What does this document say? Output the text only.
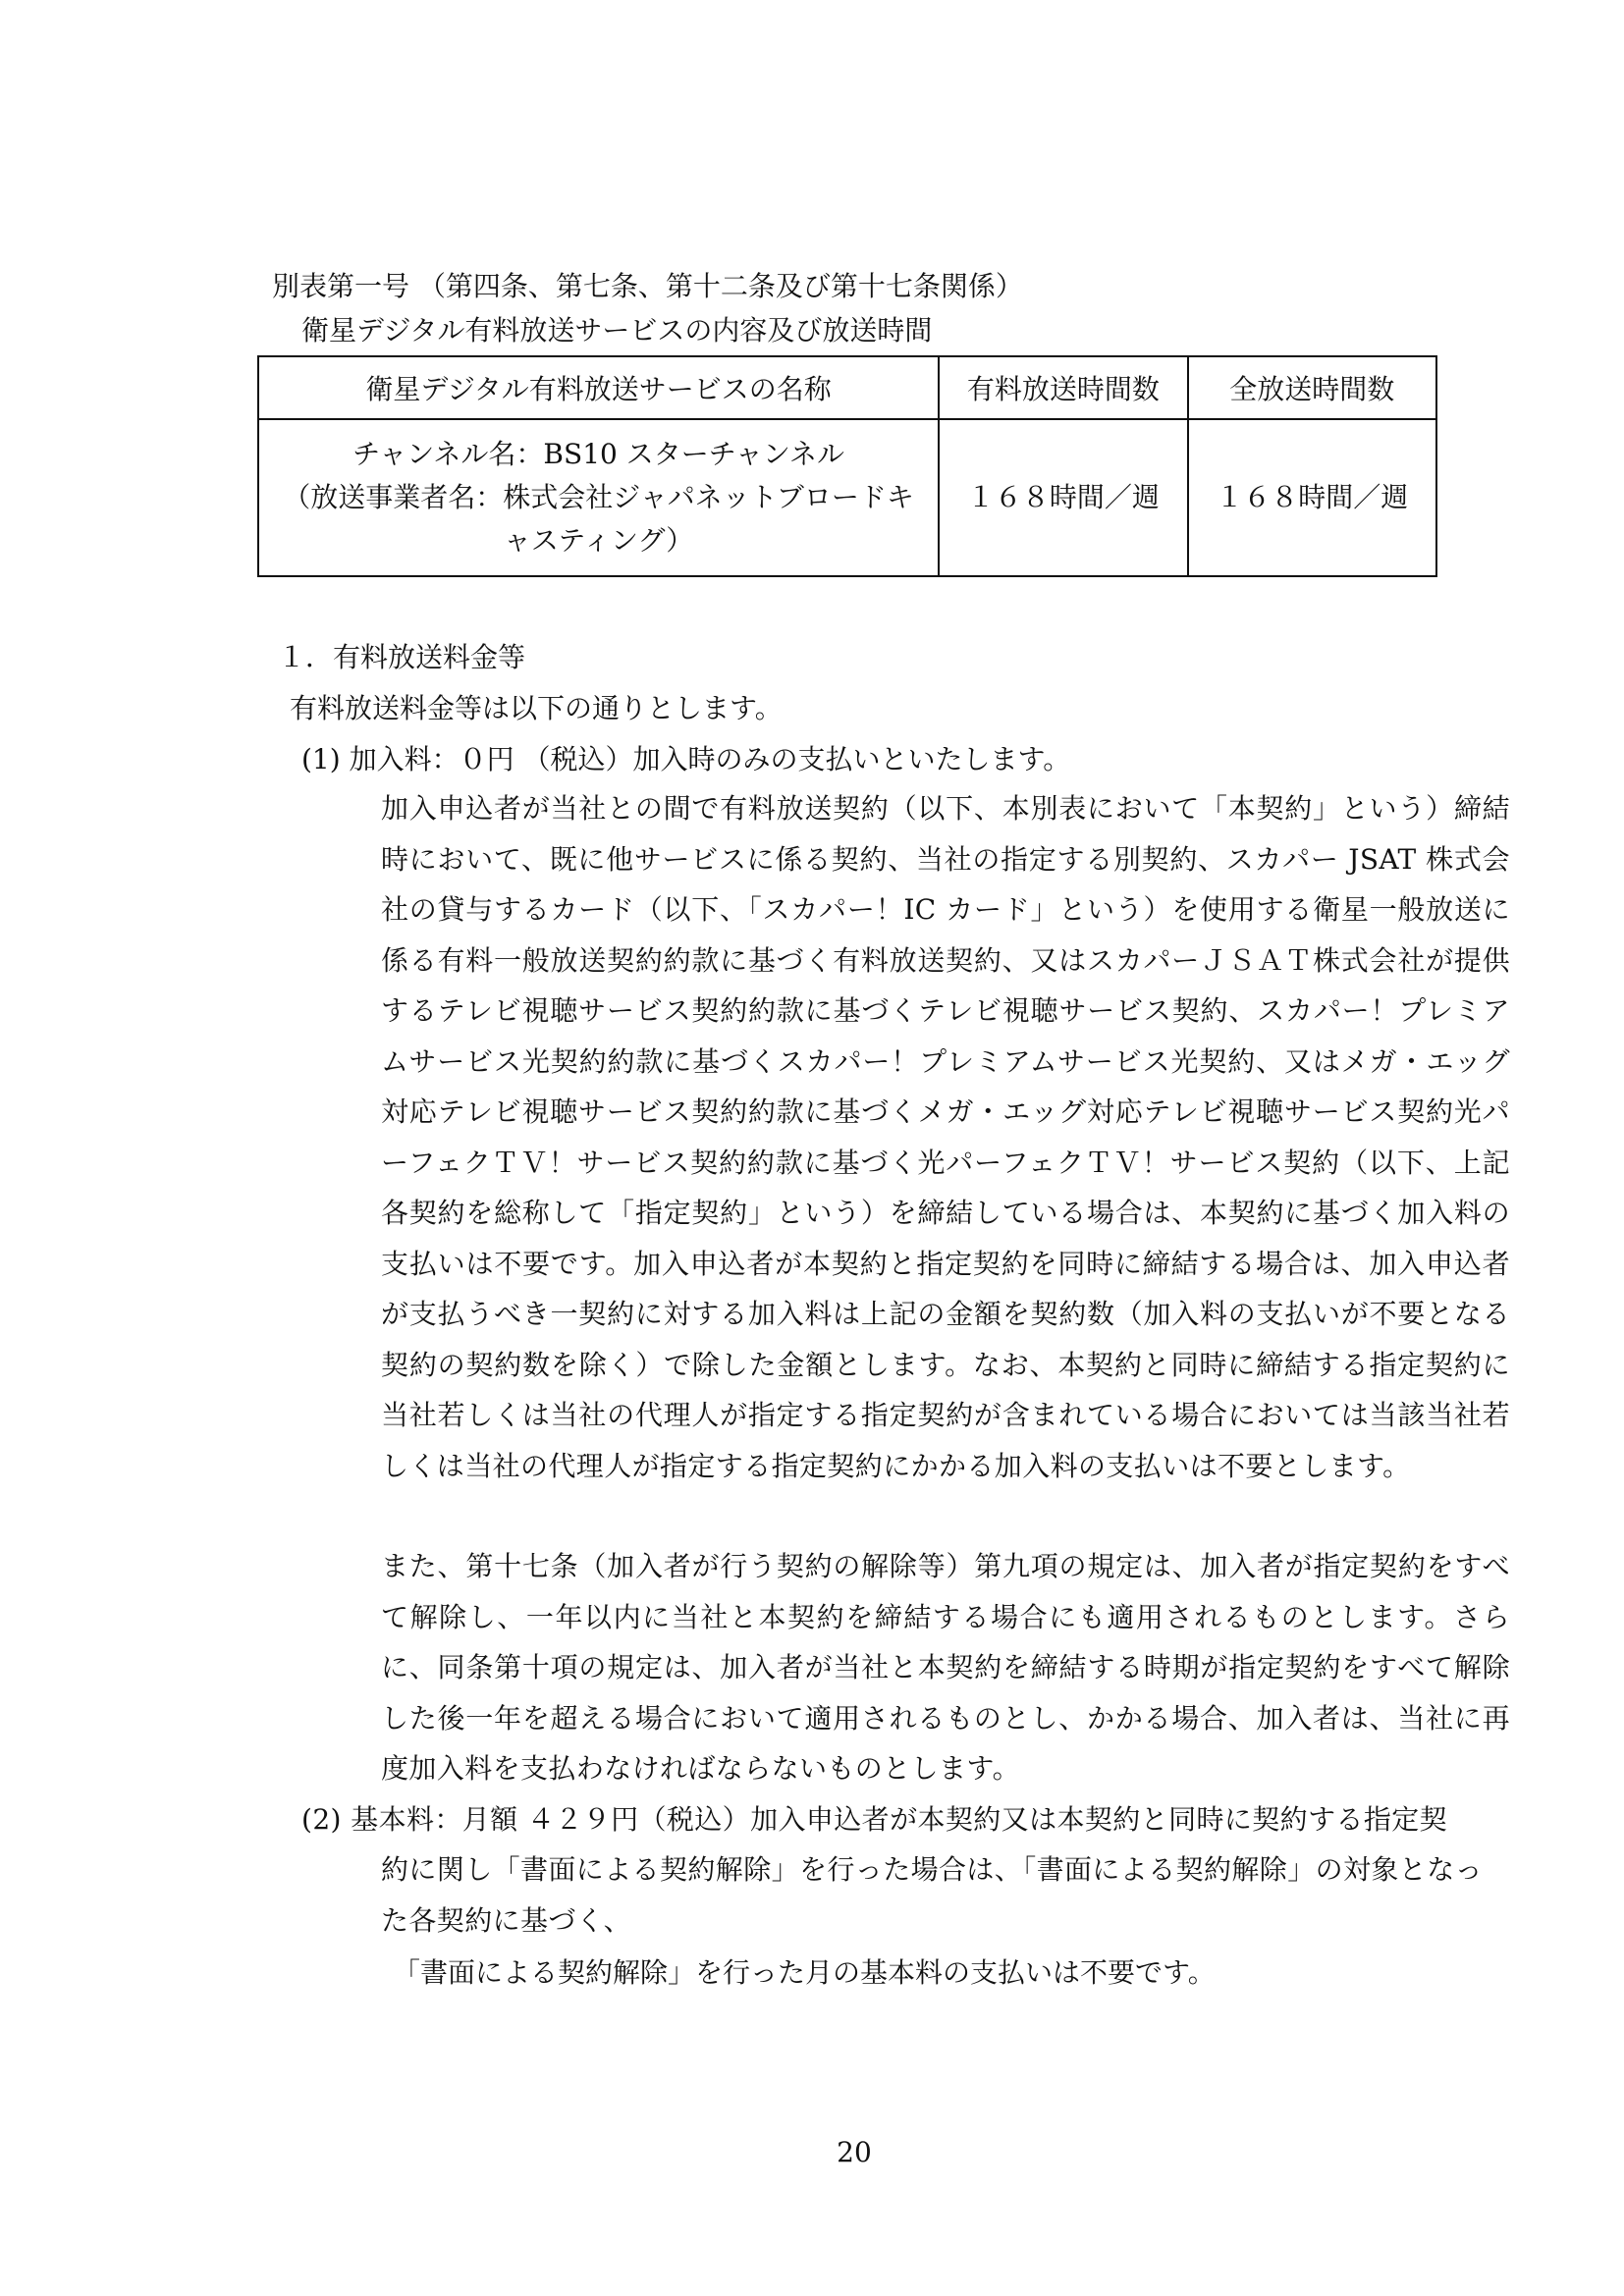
別表第一号 （第四条、第七条、第十二条及び第十七条関係）
衛星デジタル有料放送サービスの内容及び放送時間
衛星デジタル有料放送サービスの名称	有料放送時間数	全放送時間数

チャンネル名：BS10 スターチャンネル
（放送事業者名：株式会社ジャパネットブロードキ
ャスティング）	１６８時間／週	１６８時間／週
１．有料放送料金等
有料放送料金等は以下の通りとします。
(1) 加入料：０円 （税込）加入時のみの支払いといたします。
加入申込者が当社との間で有料放送契約（以下、本別表において「本契約」という）締結時において、既に他サービスに係る契約、当社の指定する別契約、スカパー JSAT 株式会社の貸与するカード（以下、「スカパー！IC カード」という）を使用する衛星一般放送に係る有料一般放送契約約款に基づく有料放送契約、又はスカパーＪＳＡＴ株式会社が提供するテレビ視聴サービス契約約款に基づくテレビ視聴サービス契約、スカパー！プレミアムサービス光契約約款に基づくスカパー！プレミアムサービス光契約、又はメガ・エッグ対応テレビ視聴サービス契約約款に基づくメガ・エッグ対応テレビ視聴サービス契約光パーフェクＴＶ！サービス契約約款に基づく光パーフェクＴＶ！サービス契約（以下、上記各契約を総称して「指定契約」という）を締結している場合は、本契約に基づく加入料の支払いは不要です。加入申込者が本契約と指定契約を同時に締結する場合は、加入申込者が支払うべき一契約に対する加入料は上記の金額を契約数（加入料の支払いが不要となる契約の契約数を除く）で除した金額とします。なお、本契約と同時に締結する指定契約に当社若しくは当社の代理人が指定する指定契約が含まれている場合においては当該当社若しくは当社の代理人が指定する指定契約にかかる加入料の支払いは不要とします。
また、第十七条（加入者が行う契約の解除等）第九項の規定は、加入者が指定契約をすべて解除し、一年以内に当社と本契約を締結する場合にも適用されるものとします。さらに、同条第十項の規定は、加入者が当社と本契約を締結する時期が指定契約をすべて解除した後一年を超える場合において適用されるものとし、かかる場合、加入者は、当社に再度加入料を支払わなければならないものとします。
(2) 基本料：月額 ４２９円（税込）加入申込者が本契約又は本契約と同時に契約する指定契
約に関し「書面による契約解除」を行った場合は、「書面による契約解除」の対象となった各契約に基づく、
「書面による契約解除」を行った月の基本料の支払いは不要です。
20
